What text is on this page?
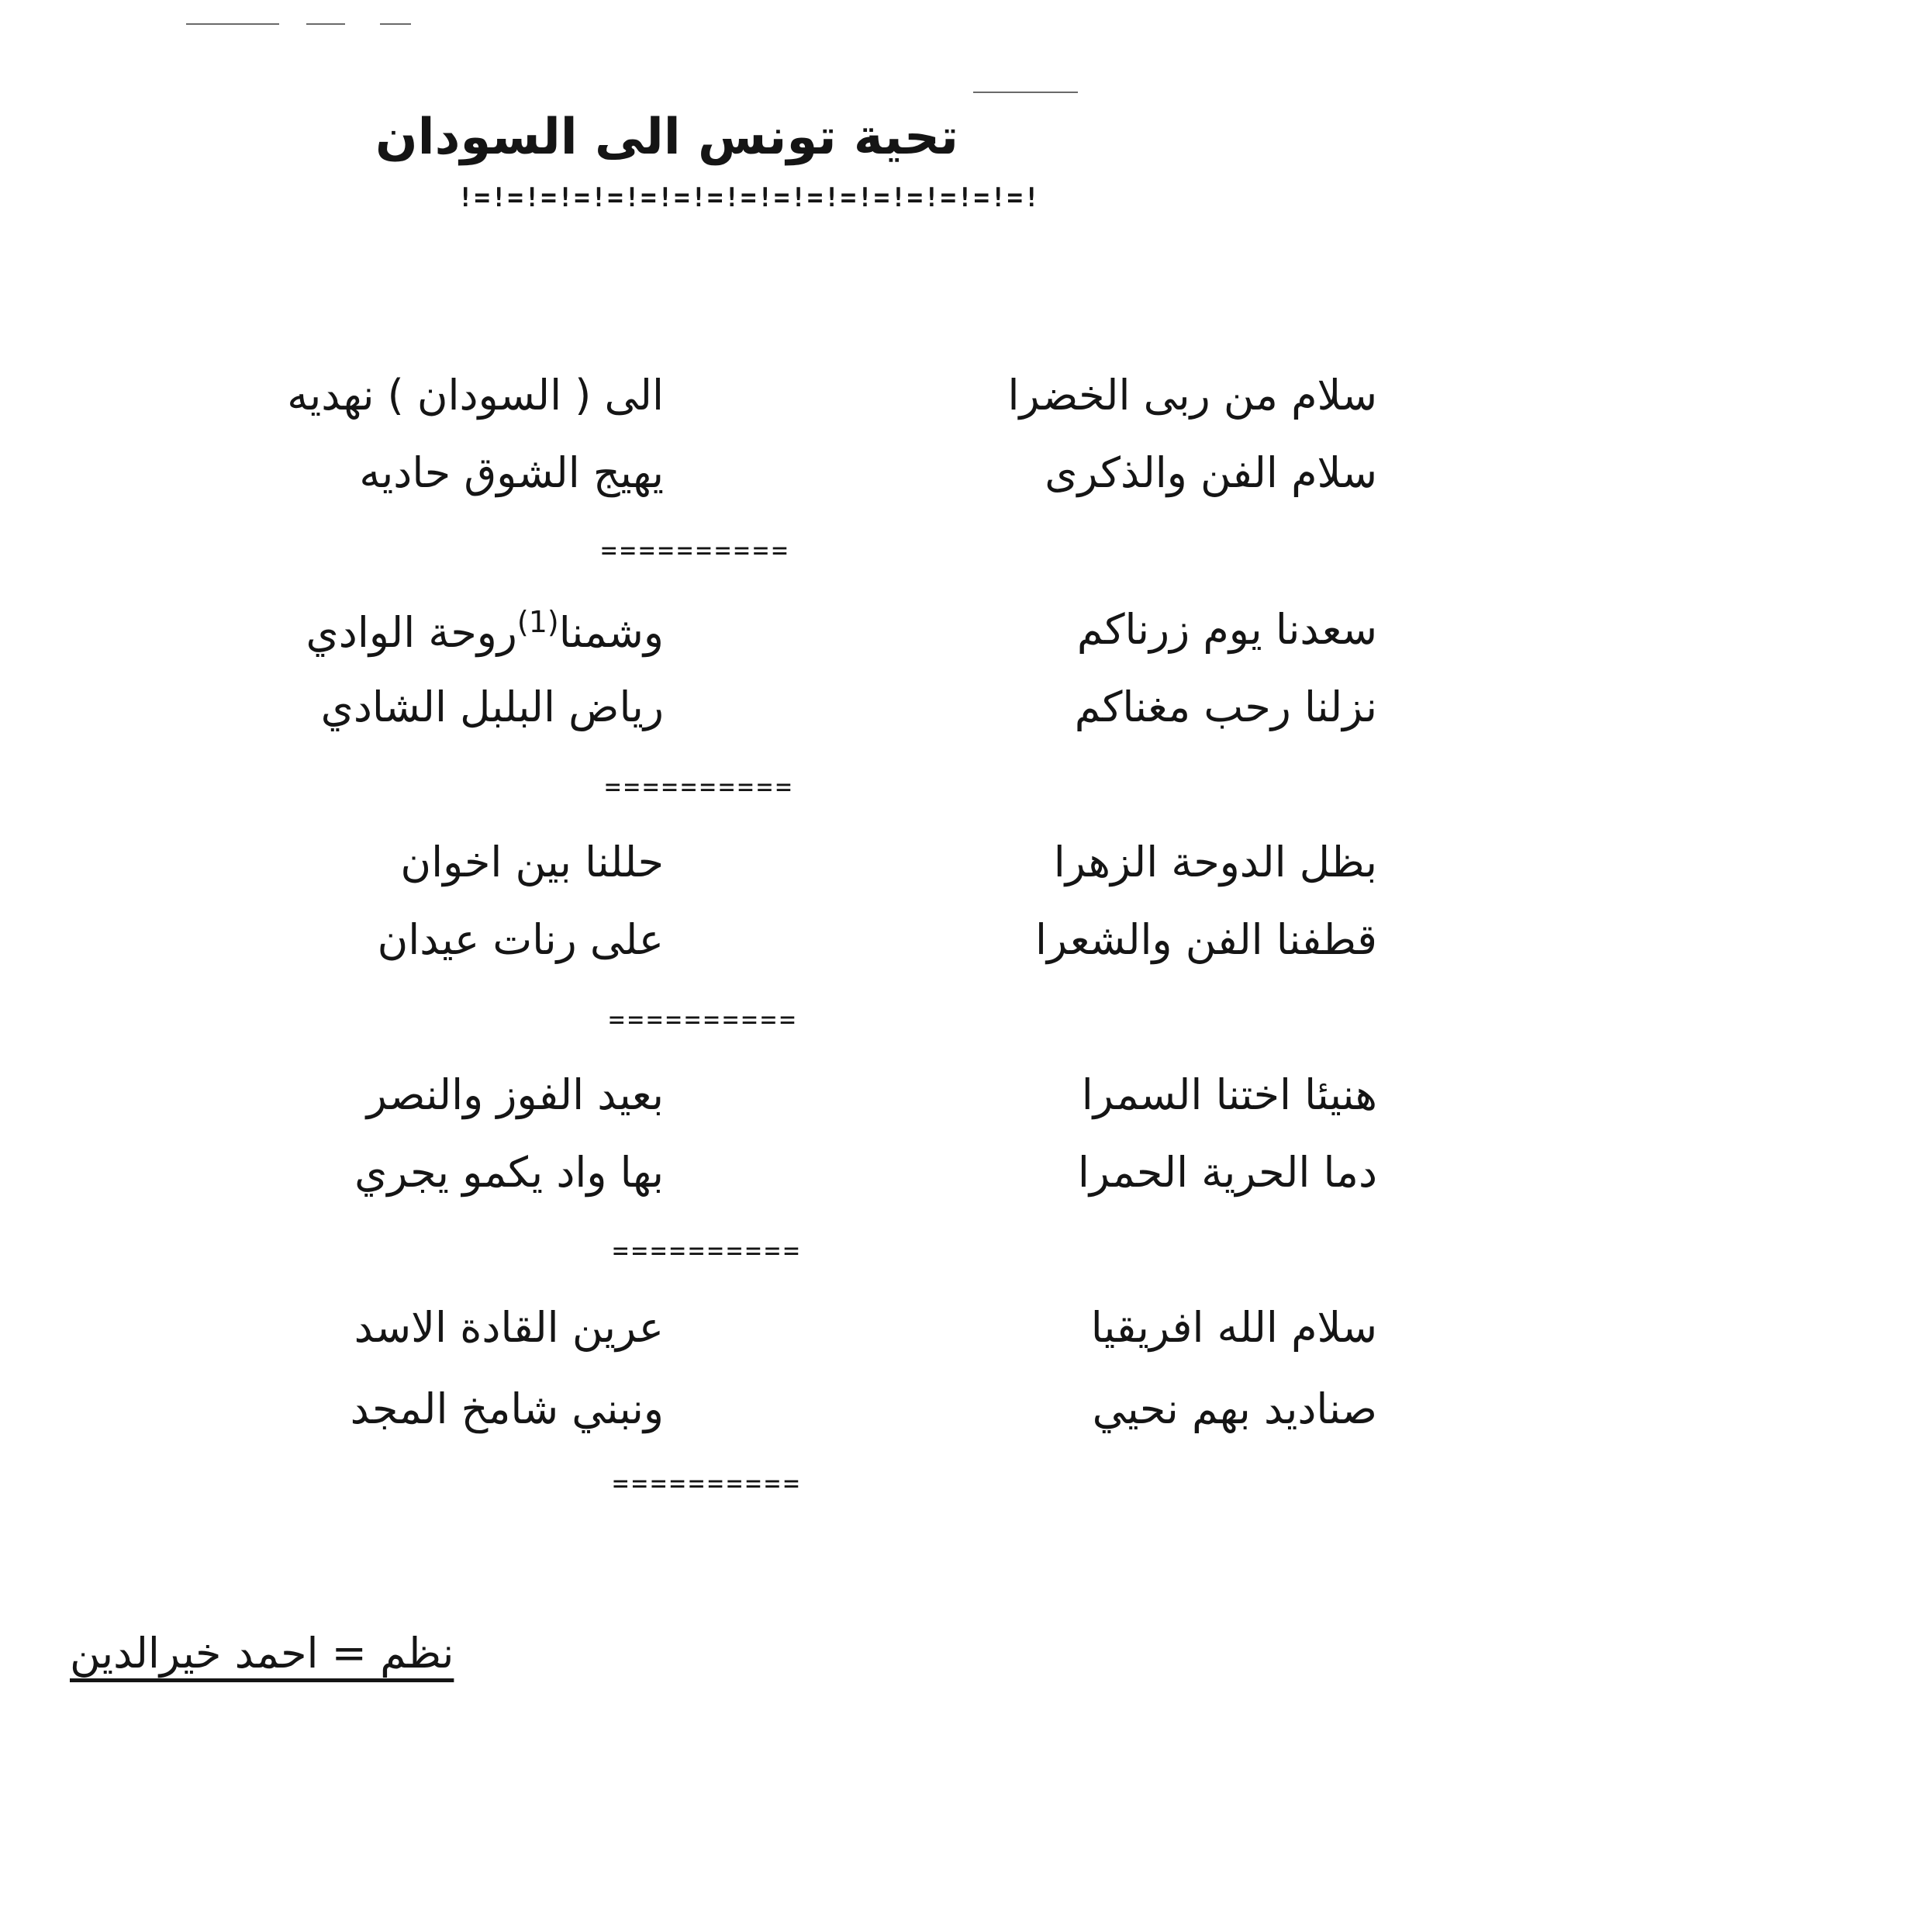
تحية تونس الى السودان
!=!=!=!=!=!=!=!=!=!=!=!=!=!=!=!=!=!
سلام من ربى الخضرا
الى ( السودان ) نهديه
سلام الفن والذكرى
يهيج الشوق حاديه
==========
سعدنا يوم زرناكم
وشمنا$^{(1)}$روحة الوادي
نزلنا رحب مغناكم
رياض البلبل الشادي
==========
بظل الدوحة الزهرا
حللنا بين اخوان
قطفنا الفن والشعرا
على رنات عيدان
==========
هنيئا اختنا السمرا
بعيد الفوز والنصر
دما الحرية الحمرا
بها واد يكمو يجري
==========
سلام الله افريقيا
عرين القادة الاسد
صناديد بهم نحيي
ونبني شامخ المجد
==========
نظم = احمد خيرالدين
